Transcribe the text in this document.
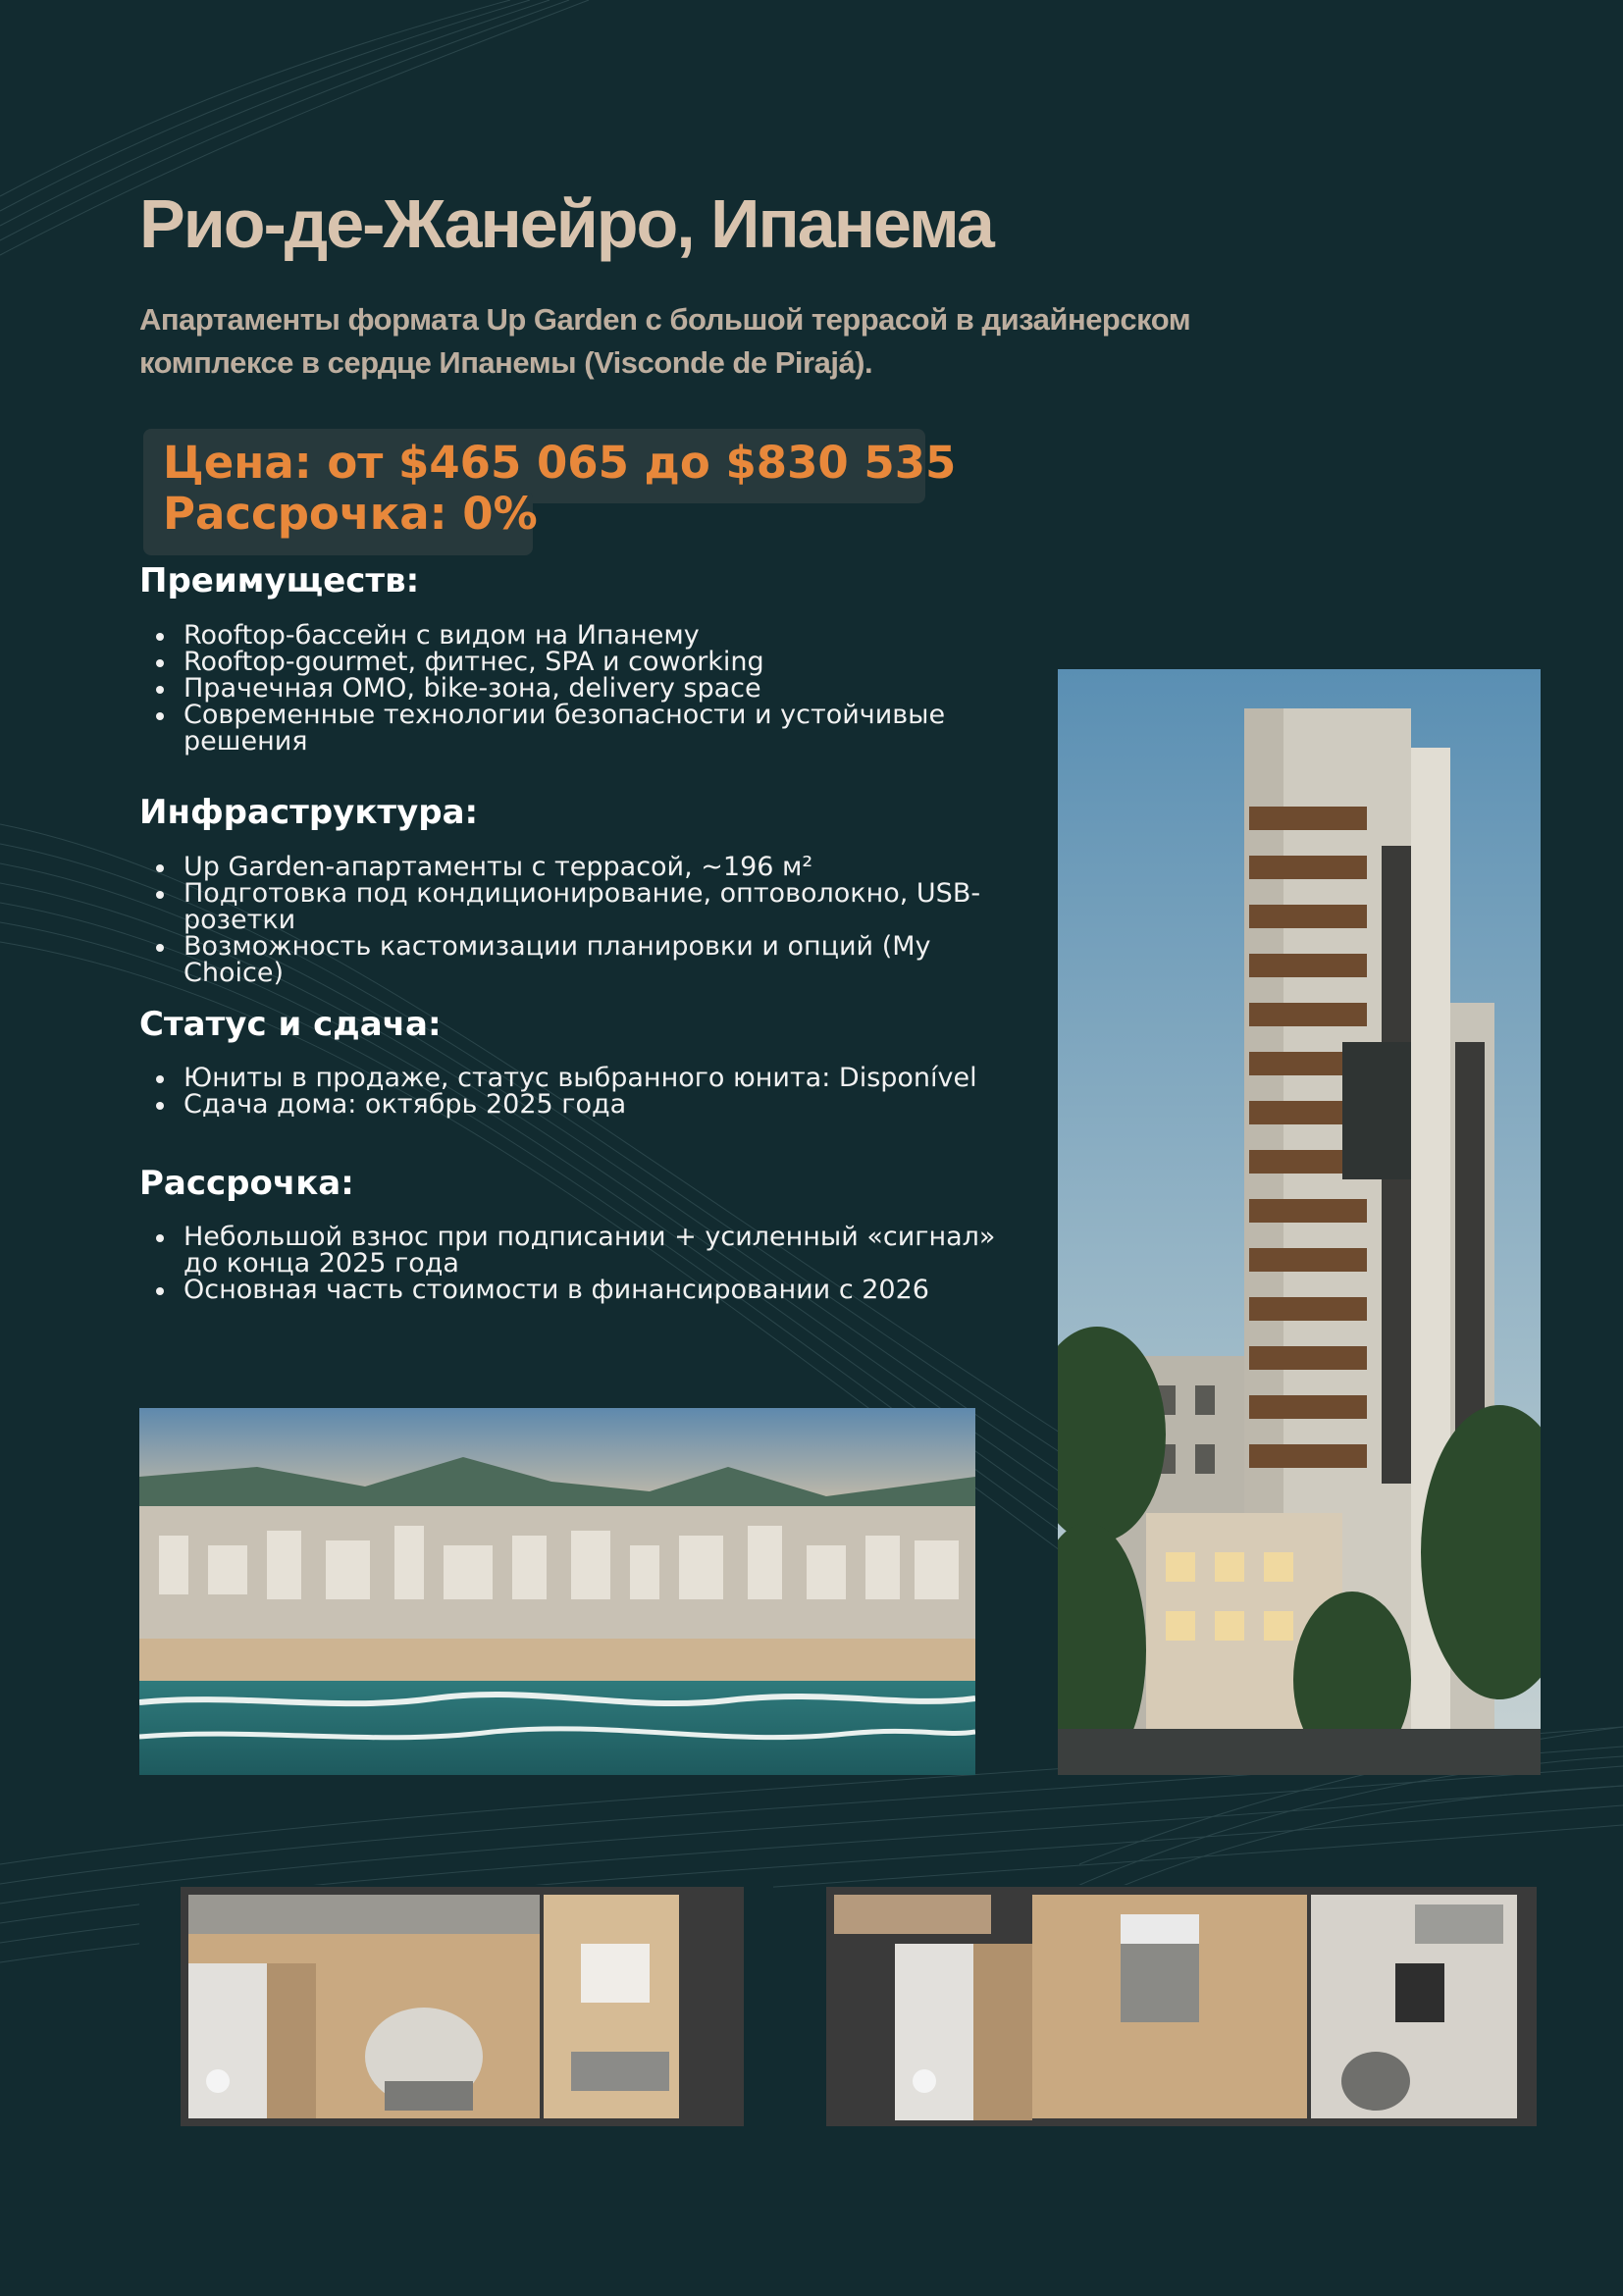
Рио-де-Жанейро, Ипанема

Апартаменты формата Up Garden с большой террасой в дизайнерском комплексе в сердце Ипанемы (Visconde de Pirajá).

Цена: от $465 065 до $830 535
Рассрочка: 0%
Преимуществ:
Rooftop-бассейн с видом на Ипанему
Rooftop-gourmet, фитнес, SPA и coworking
Прачечная OMO, bike-зона, delivery space
Современные технологии безопасности и устойчивые решения
Инфраструктура:
Up Garden-апартаменты с террасой, ~196 м²
Подготовка под кондиционирование, оптоволокно, USB-розетки
Возможность кастомизации планировки и опций (My Choice)
Статус и сдача:
Юниты в продаже, статус выбранного юнита: Disponível
Сдача дома: октябрь 2025 года
Рассрочка:
Небольшой взнос при подписании + усиленный «сигнал» до конца 2025 года
Основная часть стоимости в финансировании с 2026
